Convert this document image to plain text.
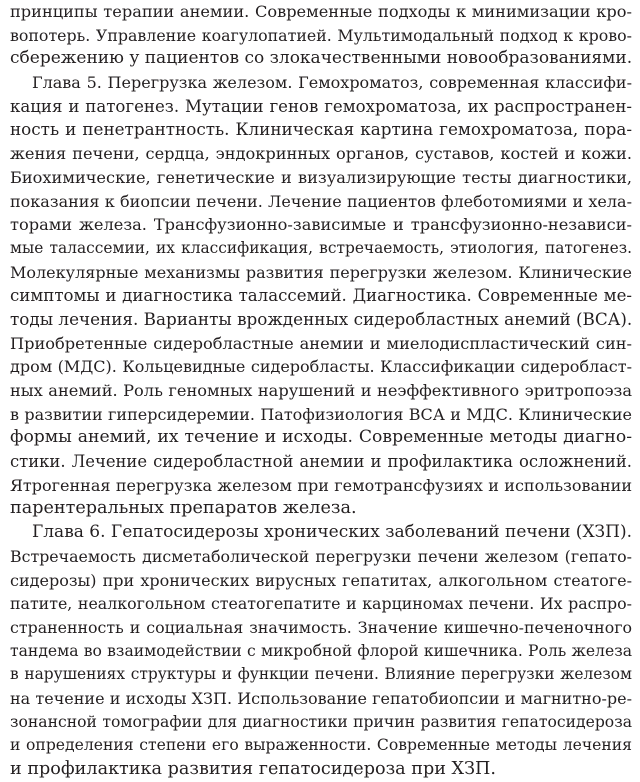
принципы терапии анемии. Современные подходы к минимизации кро-
вопотерь. Управление коагулопатией. Мультимодальный подход к крово-
сбережению у пациентов со злокачественными новообразованиями.
Глава 5. Перегрузка железом. Гемохроматоз, современная классифи-
кация и патогенез. Мутации генов гемохроматоза, их распространен-
ность и пенетрантность. Клиническая картина гемохроматоза, пора-
жения печени, сердца, эндокринных органов, суставов, костей и кожи.
Биохимические, генетические и визуализирующие тесты диагностики,
показания к биопсии печени. Лечение пациентов флеботомиями и хела-
торами железа. Трансфузионно-зависимые и трансфузионно-независи-
мые талассемии, их классификация, встречаемость, этиология, патогенез.
Молекулярные механизмы развития перегрузки железом. Клинические
симптомы и диагностика талассемий. Диагностика. Современные ме-
тоды лечения. Варианты врожденных сидеробластных анемий (ВСА).
Приобретенные сидеробластные анемии и миелодиспластический син-
дром (МДС). Кольцевидные сидеробласты. Классификации сидеробласт-
ных анемий. Роль геномных нарушений и неэффективного эритропоэза
в развитии гиперсидеремии. Патофизиология ВСА и МДС. Клинические
формы анемий, их течение и исходы. Современные методы диагно-
стики. Лечение сидеробластной анемии и профилактика осложнений.
Ятрогенная перегрузка железом при гемотрансфузиях и использовании
парентеральных препаратов железа.
Глава 6. Гепатосидерозы хронических заболеваний печени (ХЗП).
Встречаемость дисметаболической перегрузки печени железом (гепато-
сидерозы) при хронических вирусных гепатитах, алкогольном стеатоге-
патите, неалкогольном стеатогепатите и карциномах печени. Их распро-
страненность и социальная значимость. Значение кишечно-печеночного
тандема во взаимодействии с микробной флорой кишечника. Роль железа
в нарушениях структуры и функции печени. Влияние перегрузки железом
на течение и исходы ХЗП. Использование гепатобиопсии и магнитно-ре-
зонансной томографии для диагностики причин развития гепатосидероза
и определения степени его выраженности. Современные методы лечения
и профилактика развития гепатосидероза при ХЗП.
